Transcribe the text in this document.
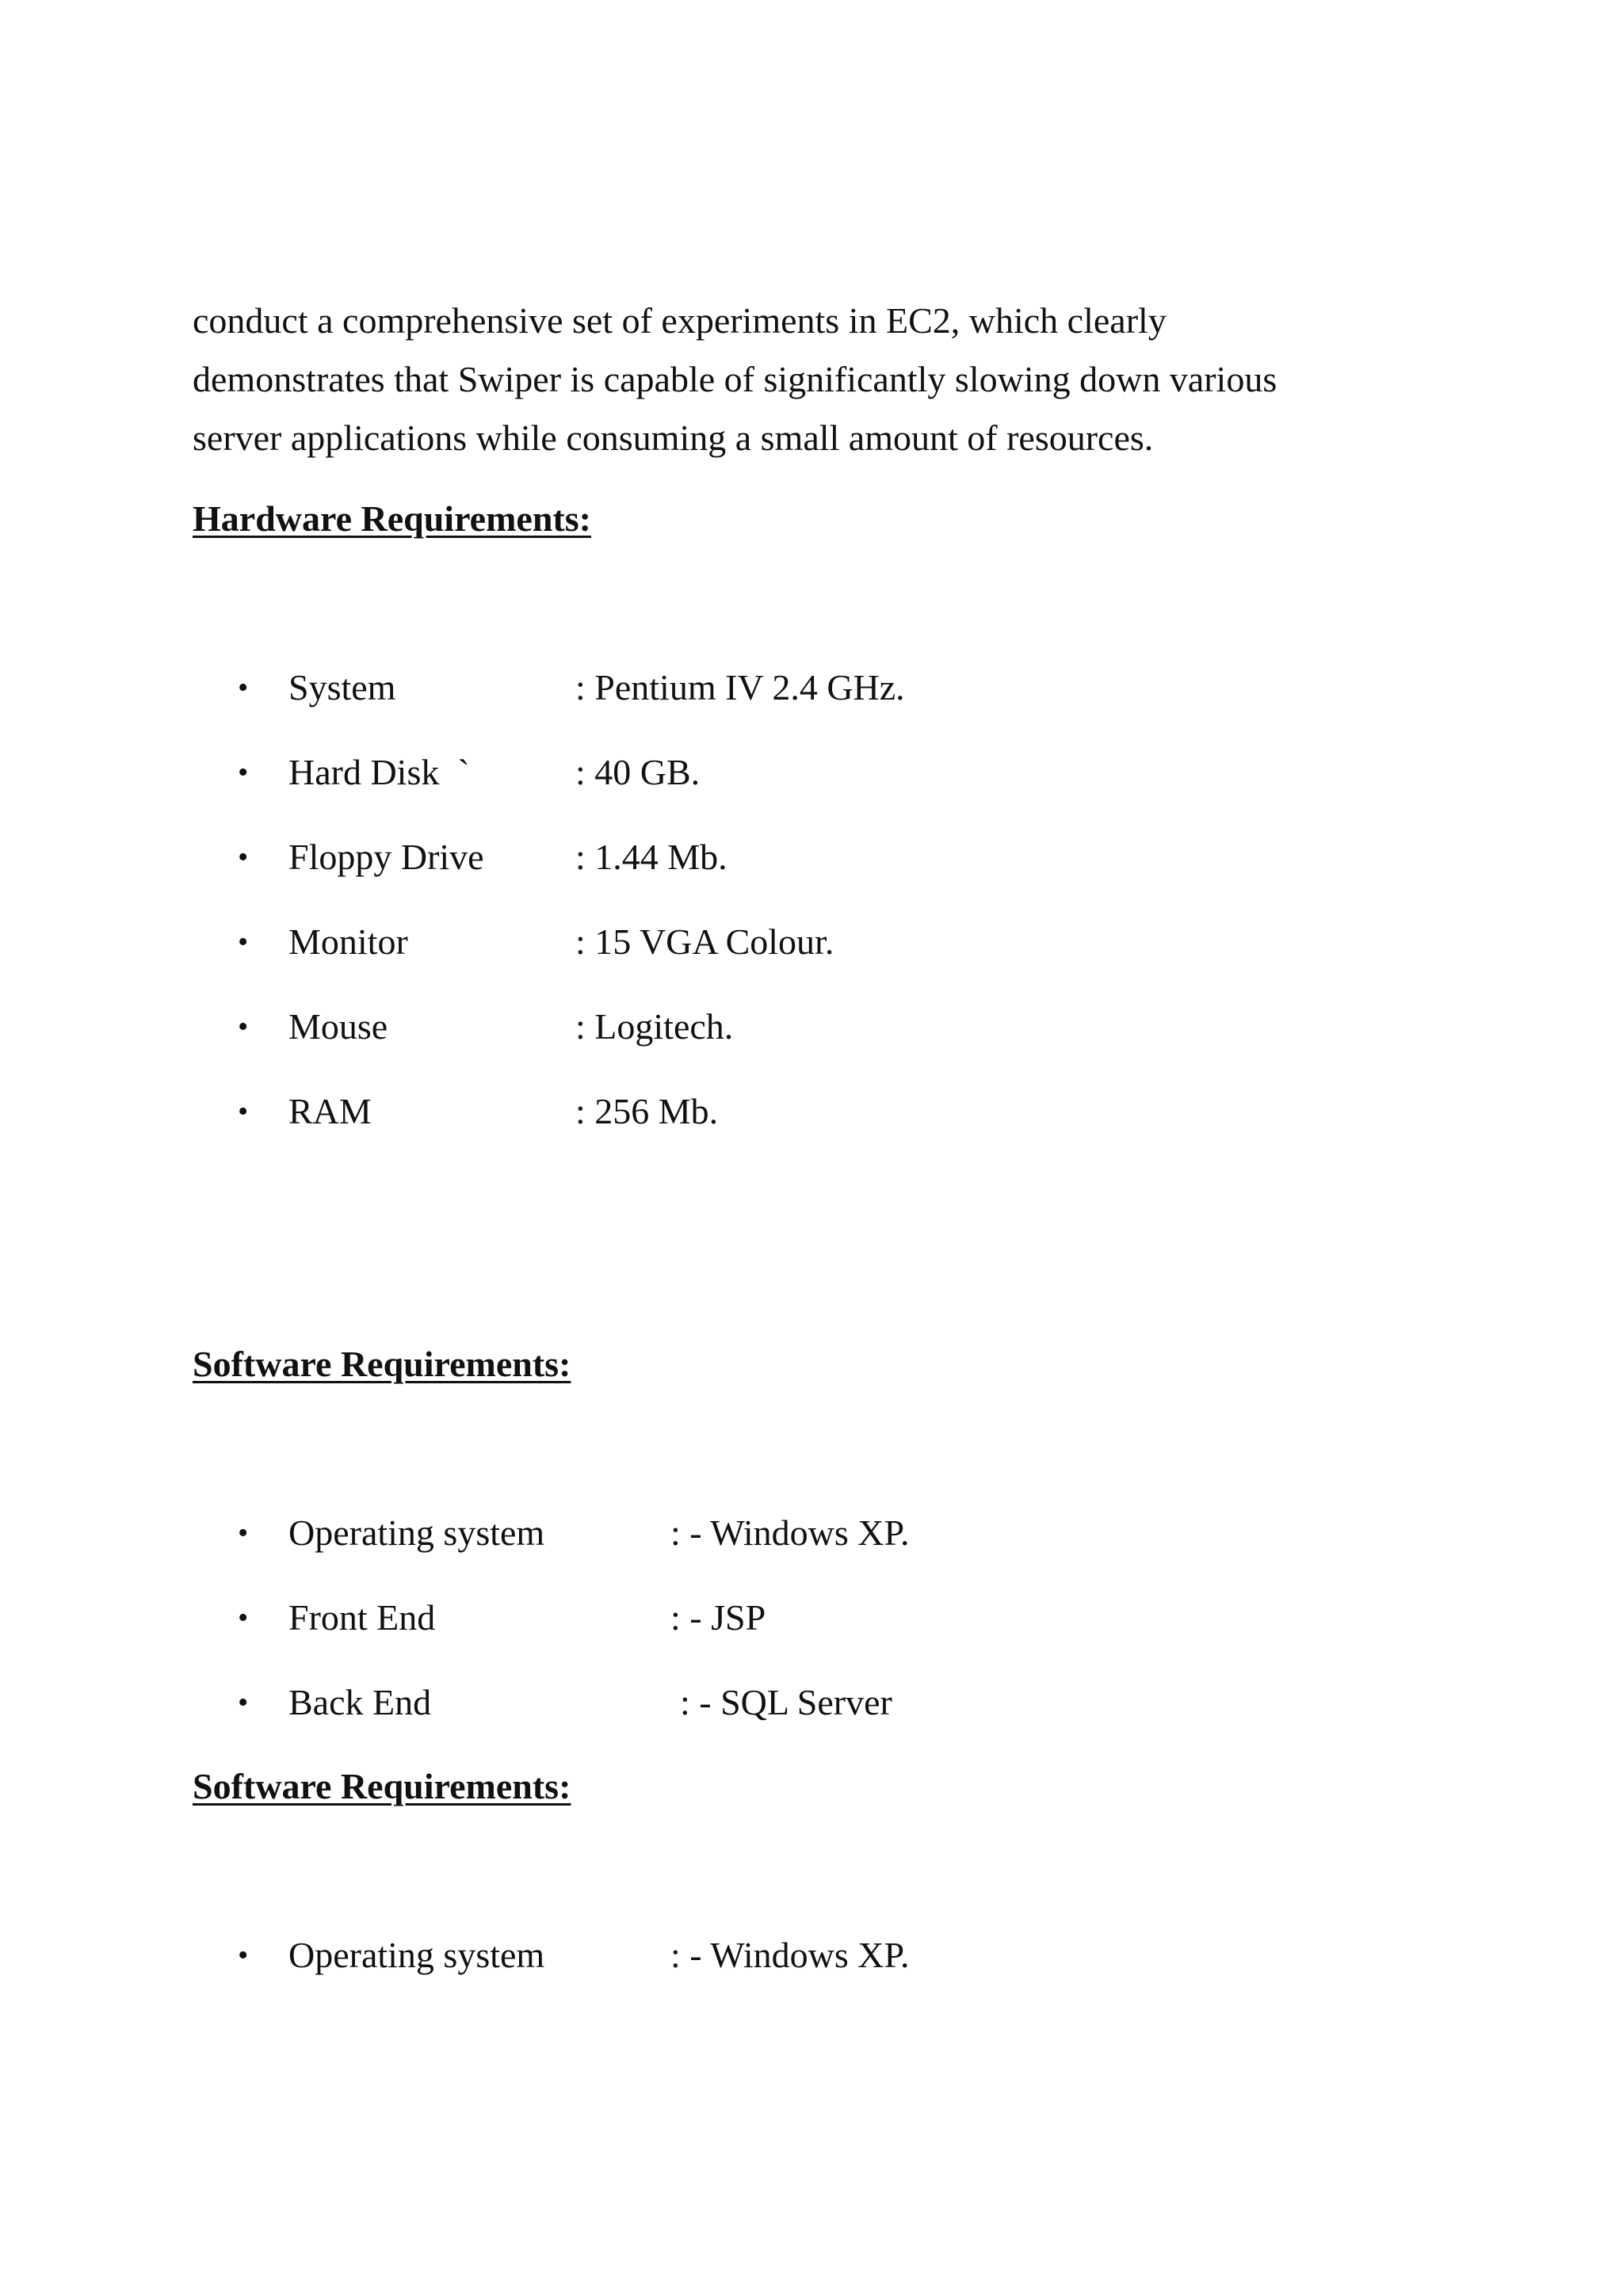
conduct a comprehensive set of experiments in EC2, which clearly
demonstrates that Swiper is capable of significantly slowing down various
server applications while consuming a small amount of resources.

Hardware Requirements:
•	System	: Pentium IV 2.4 GHz.
•	Hard Disk  `	: 40 GB.
•	Floppy Drive	: 1.44 Mb.
•	Monitor	: 15 VGA Colour.
•	Mouse	: Logitech.
•	RAM	: 256 Mb.
Software Requirements:
•	Operating system	: - Windows XP.
•	Front End	: - JSP
•	Back End	: - SQL Server
Software Requirements:
•	Operating system	: - Windows XP.
